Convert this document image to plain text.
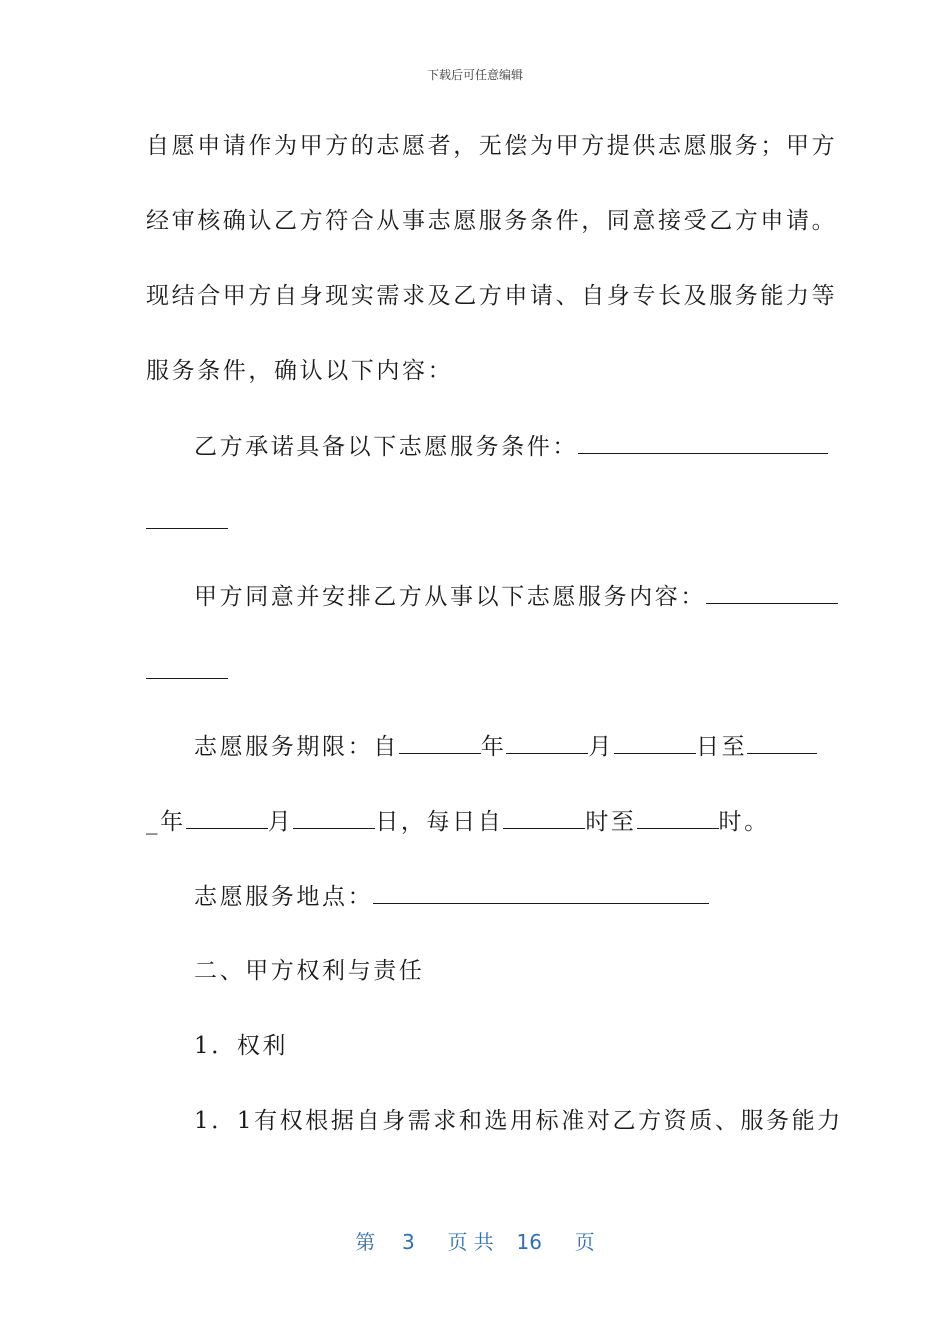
下载后可任意编辑
自愿申请作为甲方的志愿者，无偿为甲方提供志愿服务；甲方
经审核确认乙方符合从事志愿服务条件，同意接受乙方申请。
现结合甲方自身现实需求及乙方申请、自身专长及服务能力等
服务条件，确认以下内容：
乙方承诺具备以下志愿服务条件：
甲方同意并安排乙方从事以下志愿服务内容：
志愿服务期限：自	年	月	日至
_年	月	日，每日自	时至	时。
志愿服务地点：
二、甲方权利与责任
1．权利
1．1有权根据自身需求和选用标准对乙方资质、服务能力
第 3 页 共 16 页
